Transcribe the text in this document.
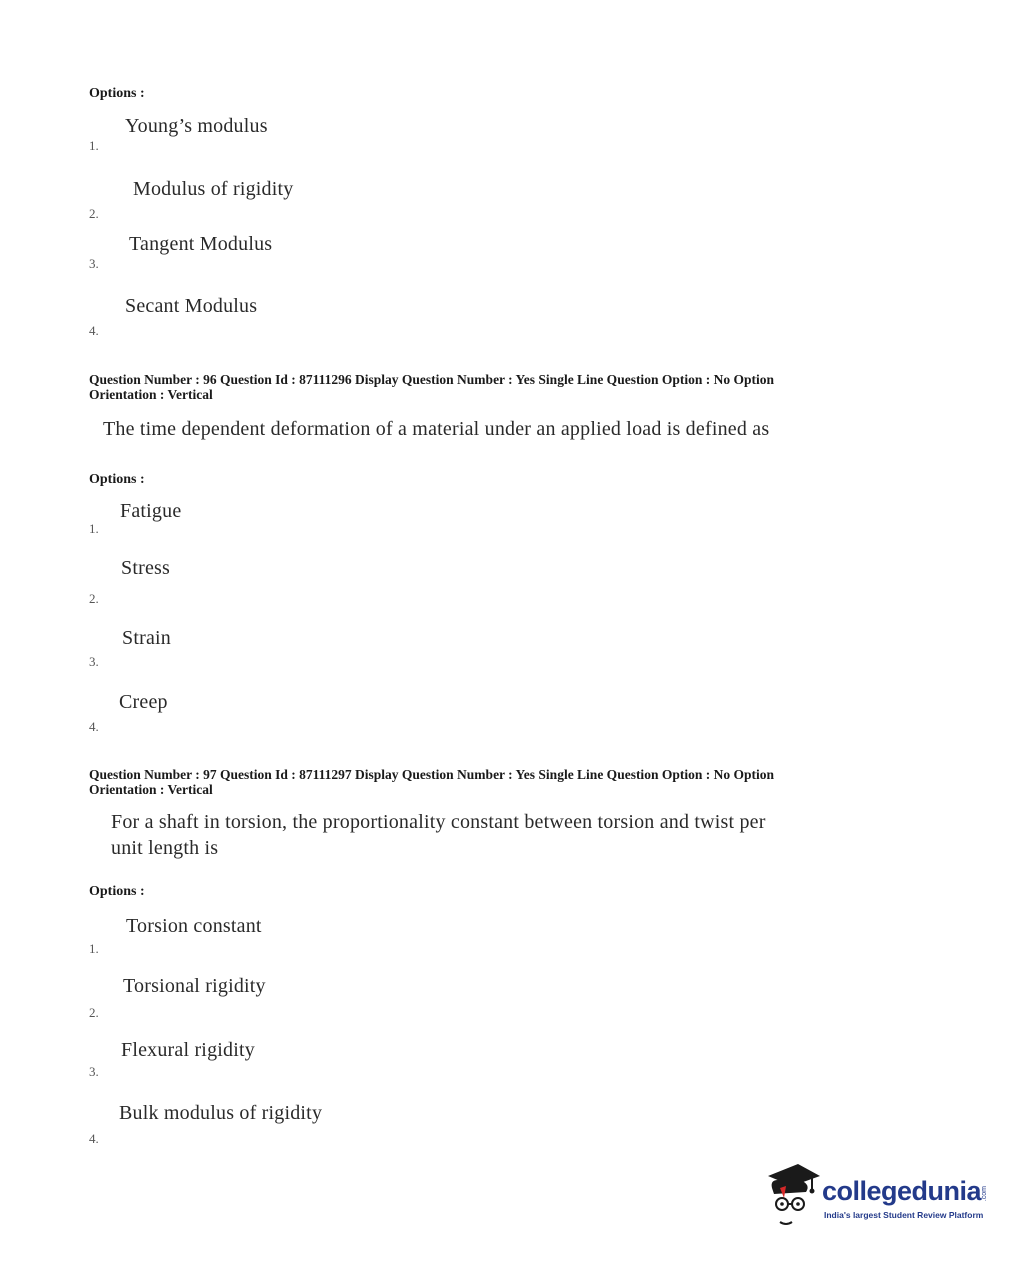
Options :
Young’s modulus
1.
Modulus of rigidity
2.
Tangent Modulus
3.
Secant Modulus
4.
Question Number : 96 Question Id : 87111296 Display Question Number : Yes Single Line Question Option : No Option
Orientation : Vertical
The time dependent deformation of a material under an applied load is defined as
Options :
Fatigue
1.
Stress
2.
Strain
3.
Creep
4.
Question Number : 97 Question Id : 87111297 Display Question Number : Yes Single Line Question Option : No Option
Orientation : Vertical
For a shaft in torsion, the proportionality constant between torsion and twist per
unit length is
Options :
Torsion constant
1.
Torsional rigidity
2.
Flexural rigidity
3.
Bulk modulus of rigidity
4.
collegedunia .com
India's largest Student Review Platform
